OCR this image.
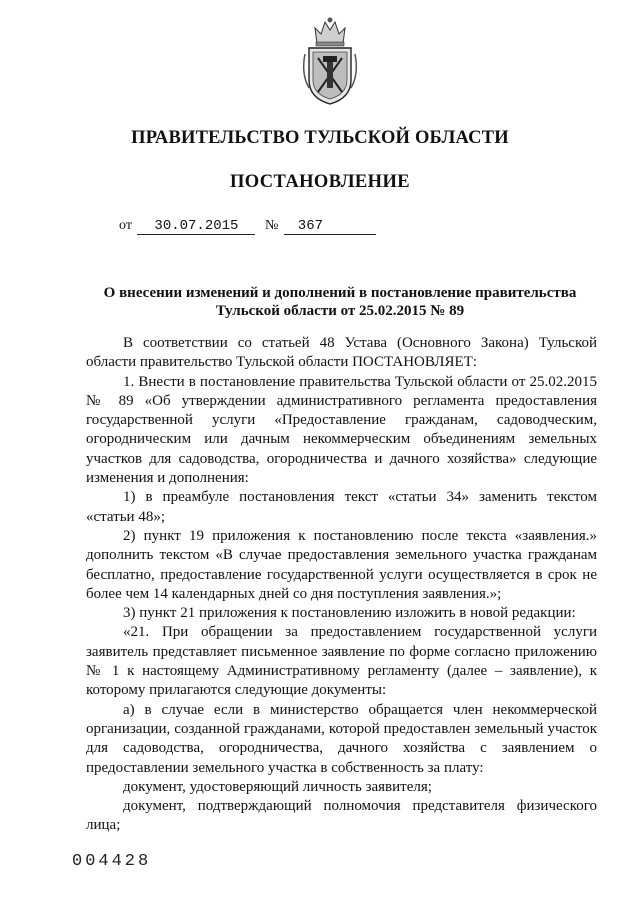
ПРАВИТЕЛЬСТВО ТУЛЬСКОЙ ОБЛАСТИ
ПОСТАНОВЛЕНИЕ
от 30.07.2015 № 367
О внесении изменений и дополнений в постановление правительства
Тульской области от 25.02.2015 № 89

В соответствии со статьей 48 Устава (Основного Закона) Тульской области правительство Тульской области ПОСТАНОВЛЯЕТ:

1. Внести в постановление правительства Тульской области от 25.02.2015 № 89 «Об утверждении административного регламента предоставления государственной услуги «Предоставление гражданам, садоводческим, огородническим или дачным некоммерческим объединениям земельных участков для садоводства, огородничества и дачного хозяйства» следующие изменения и дополнения:

1) в преамбуле постановления текст «статьи 34» заменить текстом «статьи 48»;

2) пункт 19 приложения к постановлению после текста «заявления.» дополнить текстом «В случае предоставления земельного участка гражданам бесплатно, предоставление государственной услуги осуществляется в срок не более чем 14 календарных дней со дня поступления заявления.»;

3) пункт 21 приложения к постановлению изложить в новой редакции:

«21. При обращении за предоставлением государственной услуги заявитель представляет письменное заявление по форме согласно приложению № 1 к настоящему Административному регламенту (далее – заявление), к которому прилагаются следующие документы:

а) в случае если в министерство обращается член некоммерческой организации, созданной гражданами, которой предоставлен земельный участок для садоводства, огородничества, дачного хозяйства с заявлением о предоставлении земельного участка в собственность за плату:

документ, удостоверяющий личность заявителя;

документ, подтверждающий полномочия представителя физического лица;

004428
